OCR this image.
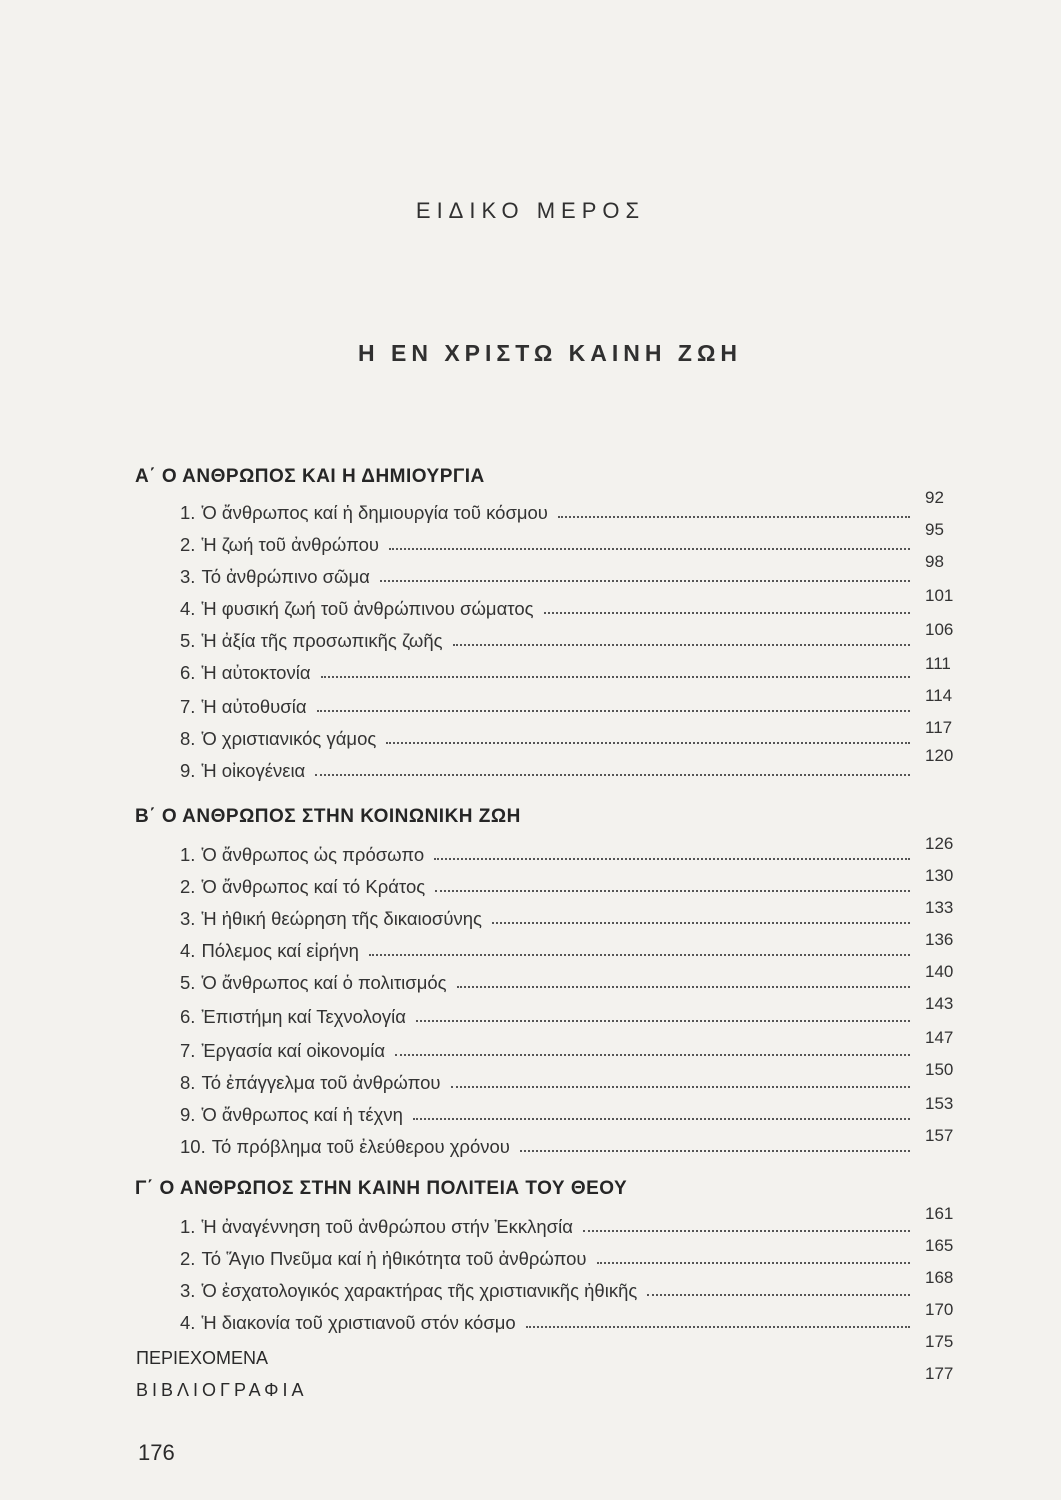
ΕΙΔΙΚΟ ΜΕΡΟΣ
Η ΕΝ ΧΡΙΣΤΩ ΚΑΙΝΗ ΖΩΗ
Α΄ Ο ΑΝΘΡΩΠΟΣ ΚΑΙ Η ΔΗΜΙΟΥΡΓΙΑ
1. Ὁ ἄνθρωπος καί ἡ δημιουργία τοῦ κόσμου
92
2. Ἡ ζωή τοῦ ἀνθρώπου
95
3. Τό ἀνθρώπινο σῶμα
98
4. Ἡ φυσική ζωή τοῦ ἀνθρώπινου σώματος
101
5. Ἡ ἀξία τῆς προσωπικῆς ζωῆς
106
6. Ἡ αὐτοκτονία	111
7. Ἡ αὐτοθυσία
114
8. Ὁ χριστιανικός γάμος
117
9. Ἡ οἰκογένεια
120
Β΄ Ο ΑΝΘΡΩΠΟΣ ΣΤΗΝ ΚΟΙΝΩΝΙΚΗ ΖΩΗ
1. Ὁ ἄνθρωπος ὡς πρόσωπο
126
2. Ὁ ἄνθρωπος καί τό Κράτος
130
3. Ἡ ἠθική θεώρηση τῆς δικαιοσύνης
133
4. Πόλεμος καί εἰρήνη
136
5. Ὁ ἄνθρωπος καί ὁ πολιτισμός
140
6. Ἐπιστήμη καί Τεχνολογία
143
7. Ἐργασία καί οἰκονομία
147
8. Τό ἐπάγγελμα τοῦ ἀνθρώπου
150
9. Ὁ ἄνθρωπος καί ἡ τέχνη
153
10. Τό πρόβλημα τοῦ ἐλεύθερου χρόνου
157
Γ΄ Ο ΑΝΘΡΩΠΟΣ ΣΤΗΝ ΚΑΙΝΗ ΠΟΛΙΤΕΙΑ ΤΟΥ ΘΕΟΥ
1. Ἡ ἀναγέννηση τοῦ ἀνθρώπου στήν Ἐκκλησία
161
2. Τό Ἅγιο Πνεῦμα καί ἡ ἠθικότητα τοῦ ἀνθρώπου
165
3. Ὁ ἐσχατολογικός χαρακτήρας τῆς χριστιανικῆς ἠθικῆς
168
4. Ἡ διακονία τοῦ χριστιανοῦ στόν κόσμο
170
ΠΕΡΙΕΧΟΜΕΝΑ
175
ΒΙΒΛΙΟΓΡΑΦΙΑ
177
176
